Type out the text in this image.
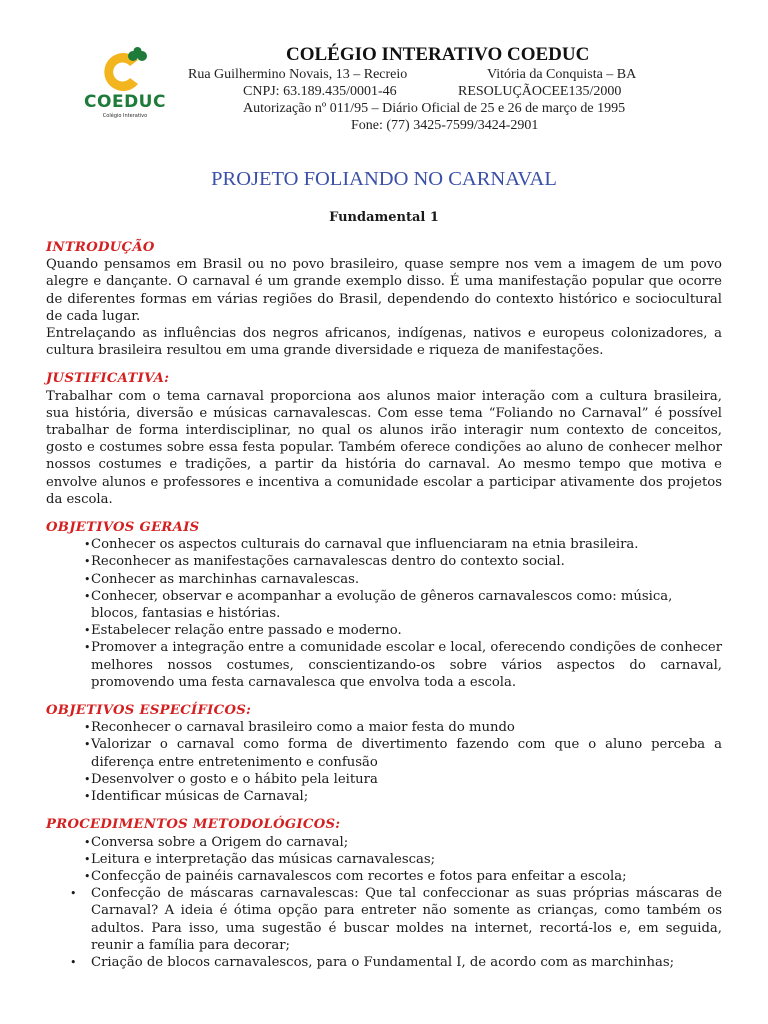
COEDUC
Colégio Interativo
COLÉGIO INTERATIVO COEDUC
Rua Guilhermino Novais, 13 – Recreio	Vitória da Conquista – BA
CNPJ: 63.189.435/0001-46	RESOLUÇÃOCEE135/2000
Autorização nº 011/95 – Diário Oficial de 25 e 26 de março de 1995
Fone: (77) 3425-7599/3424-2901
PROJETO FOLIANDO NO CARNAVAL
Fundamental 1
INTRODUÇÃO

Quando pensamos em Brasil ou no povo brasileiro, quase sempre nos vem a imagem de um povo alegre e dançante. O carnaval é um grande exemplo disso. É uma manifestação popular que ocorre de diferentes formas em várias regiões do Brasil, dependendo do contexto histórico e sociocultural de cada lugar.

Entrelaçando as influências dos negros africanos, indígenas, nativos e europeus colonizadores, a cultura brasileira resultou em uma grande diversidade e riqueza de manifestações.

JUSTIFICATIVA:

Trabalhar com o tema carnaval proporciona aos alunos maior interação com a cultura brasileira, sua história, diversão e músicas carnavalescas. Com esse tema “Foliando no Carnaval” é possível trabalhar de forma interdisciplinar, no qual os alunos irão interagir num contexto de conceitos, gosto e costumes sobre essa festa popular. Também oferece condições ao aluno de conhecer melhor nossos costumes e tradições, a partir da história do carnaval. Ao mesmo tempo que motiva e envolve alunos e professores e incentiva a comunidade escolar a participar ativamente dos projetos da escola.

OBJETIVOS GERAIS
• Conhecer os aspectos culturais do carnaval que influenciaram na etnia brasileira.
• Reconhecer as manifestações carnavalescas dentro do contexto social.
• Conhecer as marchinhas carnavalescas.
• Conhecer, observar e acompanhar a evolução de gêneros carnavalescos como: música, blocos, fantasias e histórias.
• Estabelecer relação entre passado e moderno.
• Promover a integração entre a comunidade escolar e local, oferecendo condições de conhecer melhores nossos costumes, conscientizando-os sobre vários aspectos do carnaval, promovendo uma festa carnavalesca que envolva toda a escola.
OBJETIVOS ESPECÍFICOS:
• Reconhecer o carnaval brasileiro como a maior festa do mundo
• Valorizar o carnaval como forma de divertimento fazendo com que o aluno perceba a diferença entre entretenimento e confusão
• Desenvolver o gosto e o hábito pela leitura
• Identificar músicas de Carnaval;
PROCEDIMENTOS METODOLÓGICOS:
• Conversa sobre a Origem do carnaval;
• Leitura e interpretação das músicas carnavalescas;
• Confecção de painéis carnavalescos com recortes e fotos para enfeitar a escola;
• Confecção de máscaras carnavalescas: Que tal confeccionar as suas próprias máscaras de Carnaval? A ideia é ótima opção para entreter não somente as crianças, como também os adultos. Para isso, uma sugestão é buscar moldes na internet, recortá-los e, em seguida, reunir a família para decorar;
• Criação de blocos carnavalescos, para o Fundamental I, de acordo com as marchinhas;
